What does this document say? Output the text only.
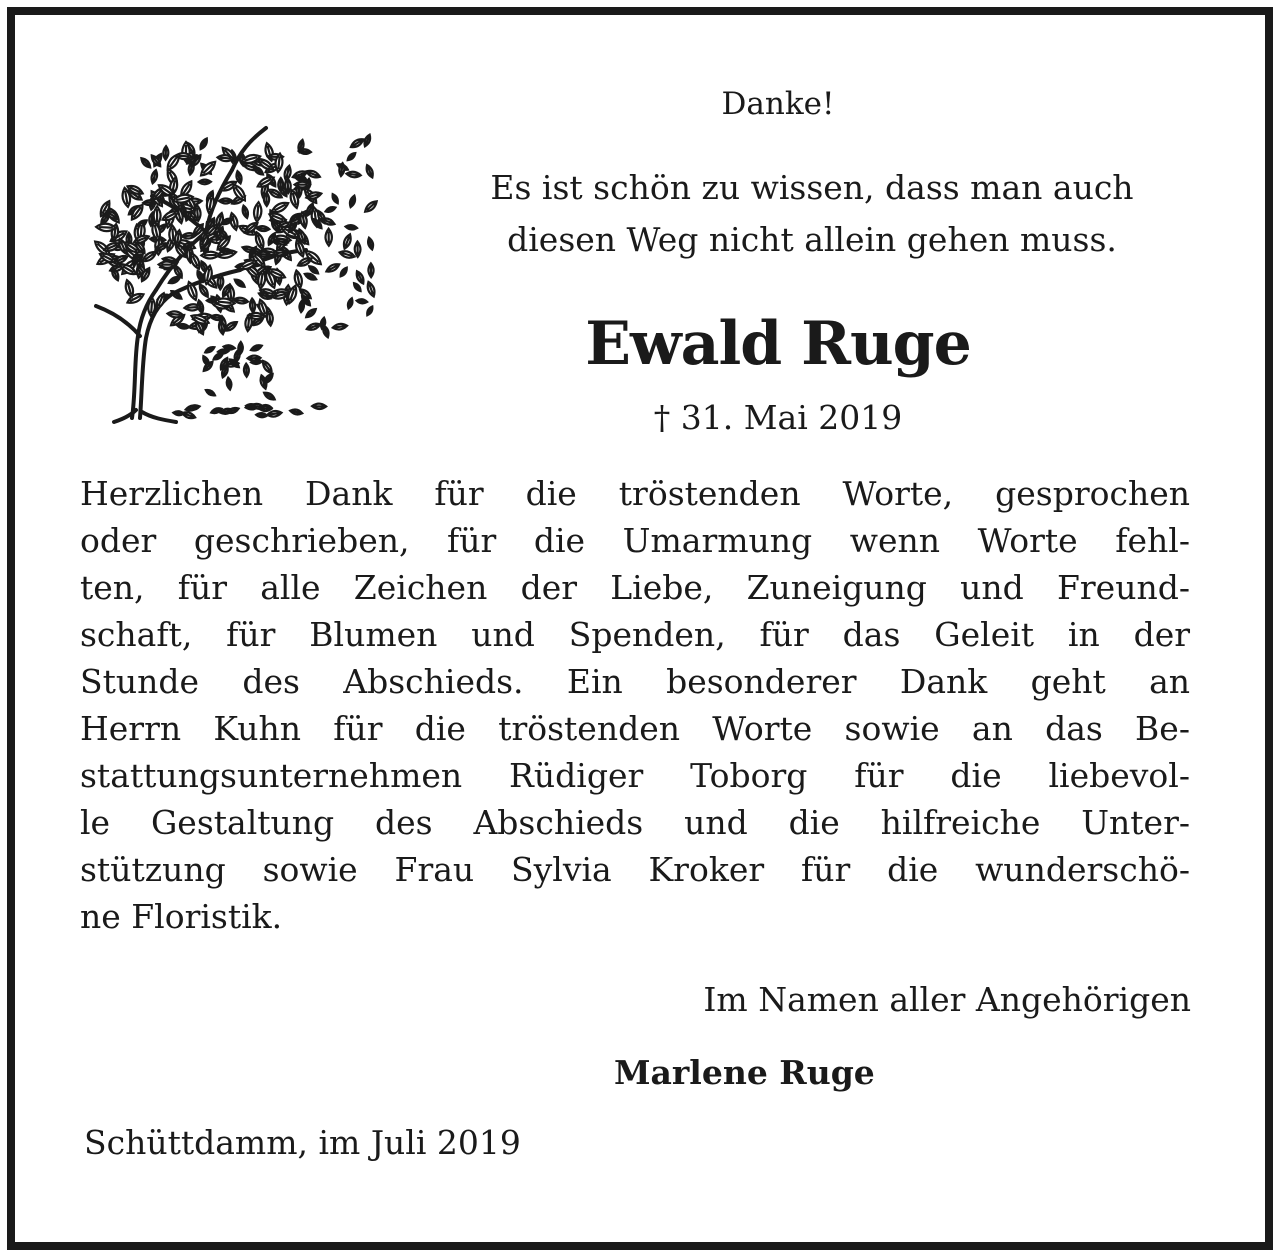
Danke!
Es ist schön zu wissen, dass man auch
diesen Weg nicht allein gehen muss.
Ewald Ruge
† 31. Mai 2019
Herzlichen Dank für die tröstenden Worte, gesprochen
oder geschrieben, für die Umarmung wenn Worte fehl-
ten, für alle Zeichen der Liebe, Zuneigung und Freund-
schaft, für Blumen und Spenden, für das Geleit in der
Stunde des Abschieds. Ein besonderer Dank geht an
Herrn Kuhn für die tröstenden Worte sowie an das Be-
stattungsunternehmen Rüdiger Toborg für die liebevol-
le Gestaltung des Abschieds und die hilfreiche Unter-
stützung sowie Frau Sylvia Kroker für die wunderschö-
ne Floristik.
Im Namen aller Angehörigen
Marlene Ruge
Schüttdamm, im Juli 2019
